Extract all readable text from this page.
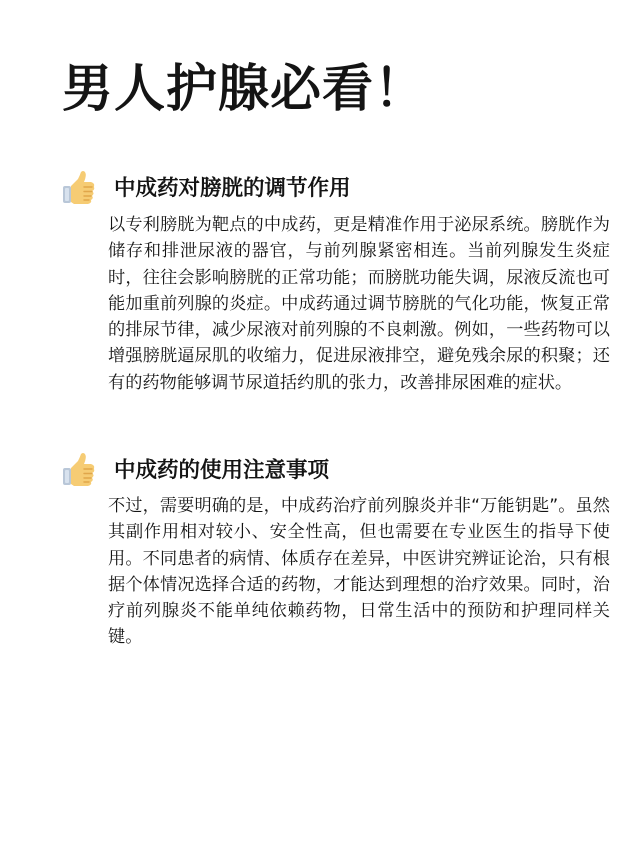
男人护腺必看！
中成药对膀胱的调节作用

以专利膀胱为靶点的中成药，更是精准作用于泌尿系统。膀胱作为储存和排泄尿液的器官，与前列腺紧密相连。当前列腺发生炎症时，往往会影响膀胱的正常功能；而膀胱功能失调，尿液反流也可能加重前列腺的炎症。中成药通过调节膀胱的气化功能，恢复正常的排尿节律，减少尿液对前列腺的不良刺激。例如，一些药物可以增强膀胱逼尿肌的收缩力，促进尿液排空，避免残余尿的积聚；还有的药物能够调节尿道括约肌的张力，改善排尿困难的症状。

中成药的使用注意事项

不过，需要明确的是，中成药治疗前列腺炎并非“万能钥匙”。虽然其副作用相对较小、安全性高，但也需要在专业医生的指导下使用。不同患者的病情、体质存在差异，中医讲究辨证论治，只有根据个体情况选择合适的药物，才能达到理想的治疗效果。同时，治疗前列腺炎不能单纯依赖药物，日常生活中的预防和护理同样关键。
